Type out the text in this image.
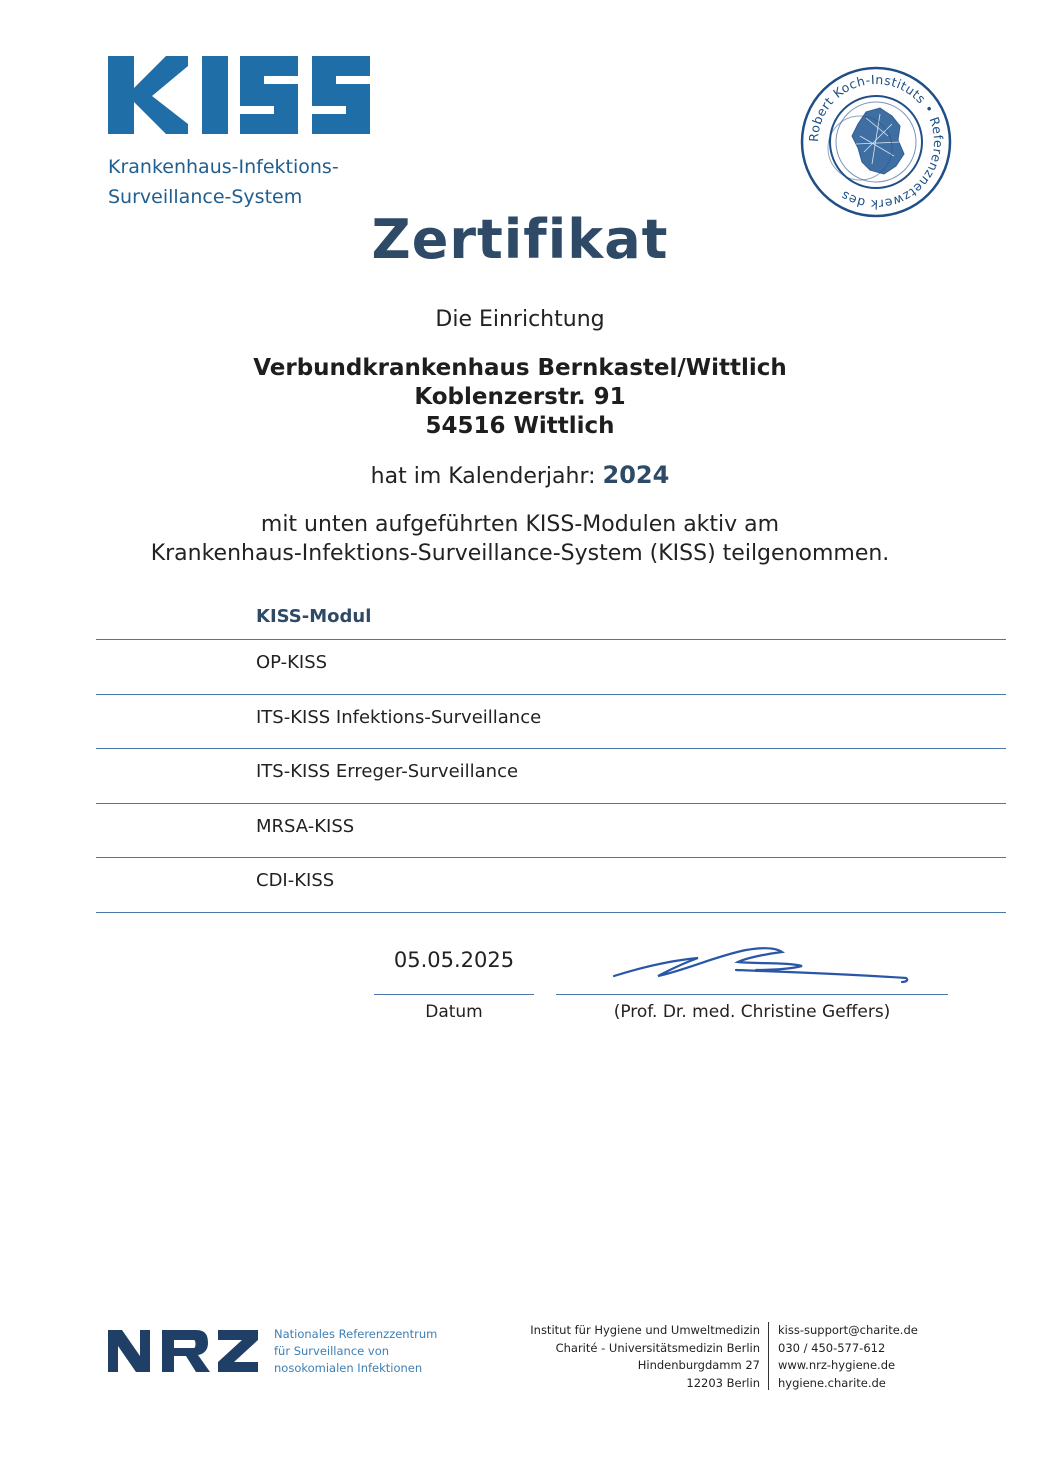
Krankenhaus-Infektions-
Surveillance-System
Robert Koch-Instituts • Referenznetzwerk des
Zertifikat
Die Einrichtung
Verbundkrankenhaus Bernkastel/Wittlich
Koblenzerstr. 91
54516 Wittlich
hat im Kalenderjahr: 2024
mit unten aufgeführten KISS-Modulen aktiv am
Krankenhaus-Infektions-Surveillance-System (KISS) teilgenommen.
KISS-Modul
OP-KISS
ITS-KISS Infektions-Surveillance
ITS-KISS Erreger-Surveillance
MRSA-KISS
CDI-KISS
05.05.2025
Datum	(Prof. Dr. med. Christine Geffers)
Nationales Referenzzentrum
für Surveillance von
nosokomialen Infektionen
Institut für Hygiene und Umweltmedizin
Charité - Universitätsmedizin Berlin
Hindenburgdamm 27
12203 Berlin
kiss-support@charite.de
030 / 450-577-612
www.nrz-hygiene.de
hygiene.charite.de
